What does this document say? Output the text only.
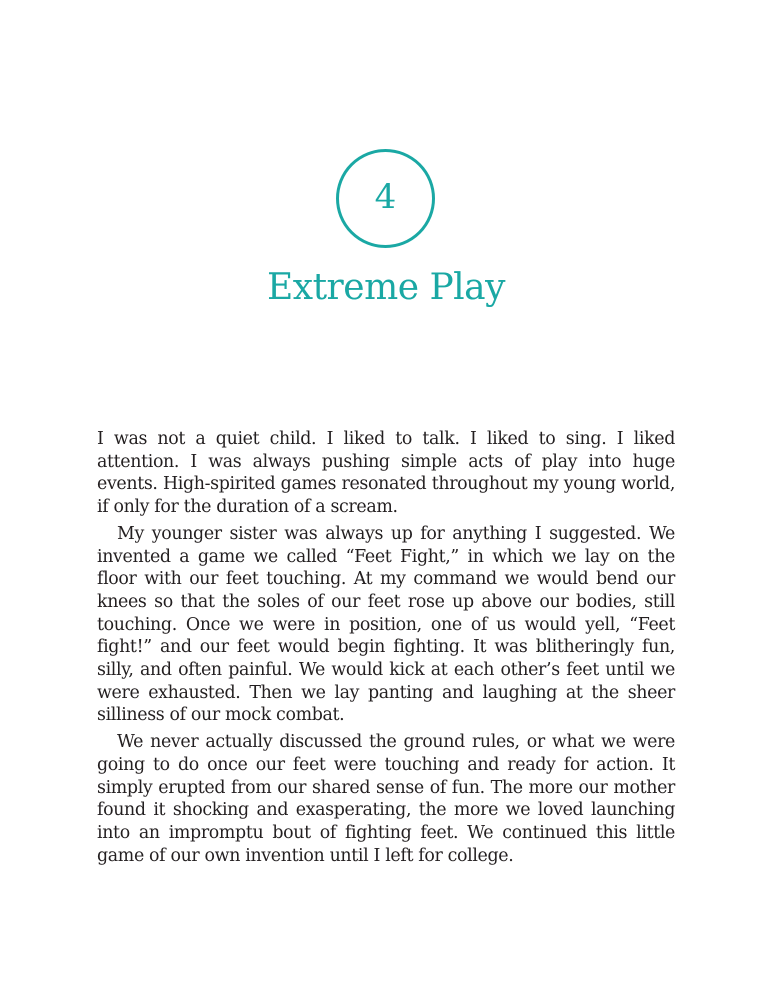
4
Extreme Play

I was not a quiet child. I liked to talk. I liked to sing. I liked attention. I was always pushing simple acts of play into huge events. High-spirited games resonated throughout my young world, if only for the duration of a scream.

My younger sister was always up for anything I suggested. We invented a game we called “Feet Fight,” in which we lay on the floor with our feet touching. At my command we would bend our knees so that the soles of our feet rose up above our bodies, still touching. Once we were in position, one of us would yell, “Feet fight!” and our feet would begin fighting. It was blitheringly fun, silly, and often painful. We would kick at each other’s feet until we were exhausted. Then we lay panting and laughing at the sheer silliness of our mock combat.

We never actually discussed the ground rules, or what we were going to do once our feet were touching and ready for action. It simply erupted from our shared sense of fun. The more our mother found it shocking and exasperating, the more we loved launching into an impromptu bout of fighting feet. We continued this little game of our own invention until I left for college.
